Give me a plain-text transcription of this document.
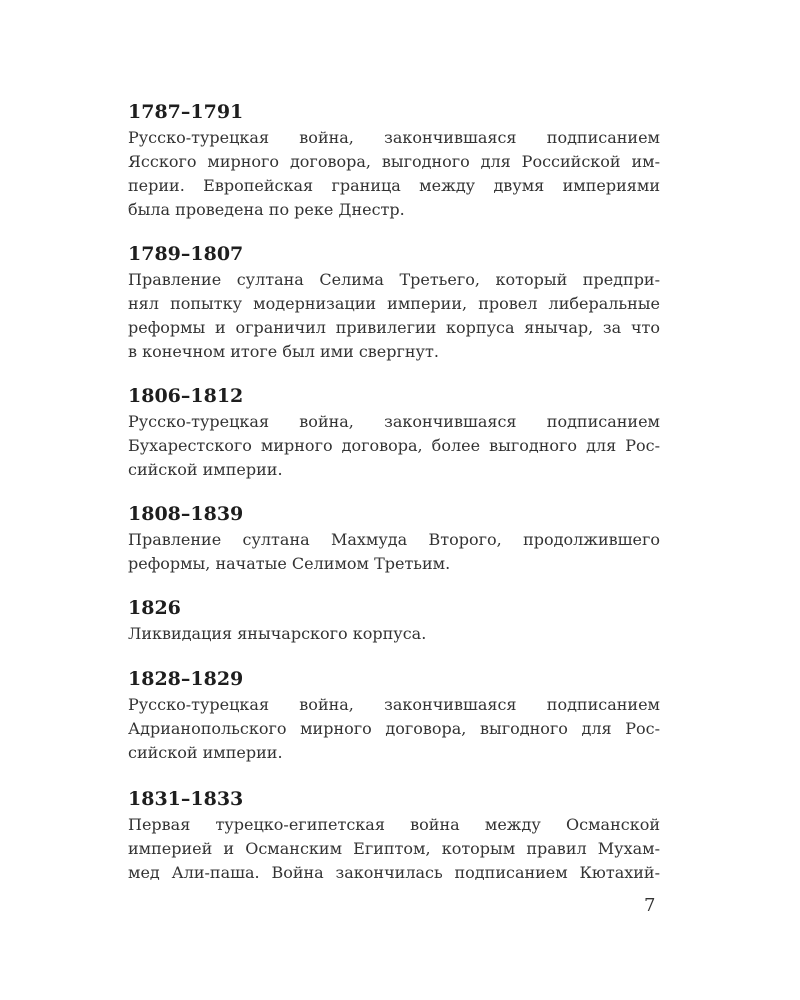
1787–1791
Русско-турецкая война, закончившаяся подписанием
Ясского мирного договора, выгодного для Российской им-
перии. Европейская граница между двумя империями
была проведена по реке Днестр.
1789–1807
Правление султана Селима Третьего, который предпри-
нял попытку модернизации империи, провел либеральные
реформы и ограничил привилегии корпуса янычар, за что
в конечном итоге был ими свергнут.
1806–1812
Русско-турецкая война, закончившаяся подписанием
Бухарестского мирного договора, более выгодного для Рос-
сийской империи.
1808–1839
Правление султана Махмуда Второго, продолжившего
реформы, начатые Селимом Третьим.
1826
Ликвидация янычарского корпуса.
1828–1829
Русско-турецкая война, закончившаяся подписанием
Адрианопольского мирного договора, выгодного для Рос-
сийской империи.
1831–1833
Первая турецко-египетская война между Османской
империей и Османским Египтом, которым правил Мухам-
мед Али-паша. Война закончилась подписанием Кютахий-
7
